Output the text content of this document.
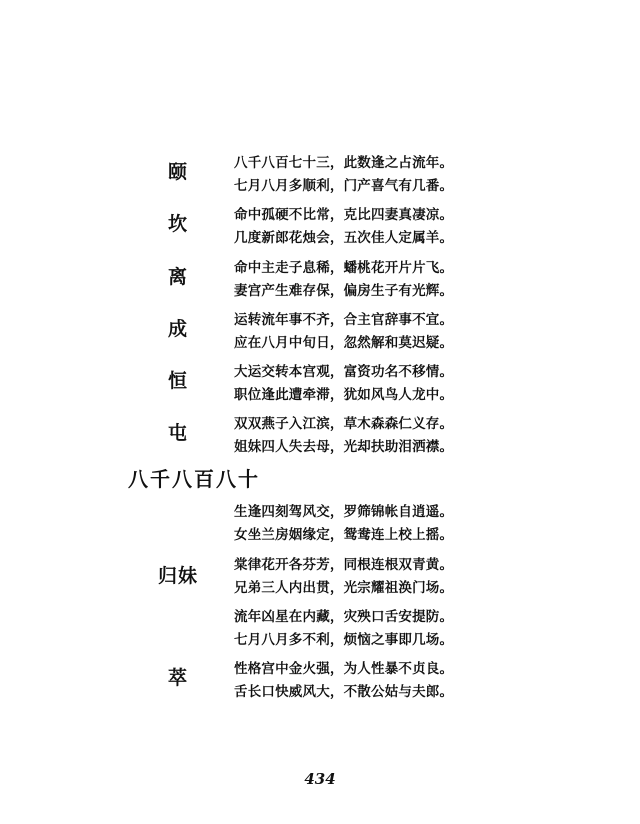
颐	八千八百七十三，此数逢之占流年。
七月八月多顺利，门产喜气有几番。
坎	命中孤硬不比常，克比四妻真凄凉。
几度新郎花烛会，五次佳人定属羊。
离	命中主走子息稀，蟠桃花开片片飞。
妻宫产生难存保，偏房生子有光辉。
成	运转流年事不齐，合主官辞事不宜。
应在八月中旬日，忽然解和莫迟疑。
恒	大运交转本宫观，富资功名不移情。
职位逢此遭牵滞，犹如风鸟人龙中。
屯	双双燕子入江滨，草木森森仁义存。
姐妹四人失去母，光却扶助泪洒襟。
八千八百八十
生逢四刻驾风交，罗筛锦帐自逍遥。
女坐兰房姻缘定，鸳鸯连上校上摇。
归妹	棠律花开各芬芳，同根连根双青黄。
兄弟三人内出贯，光宗耀祖涣门场。
流年凶星在内藏，灾殃口舌安提防。
七月八月多不利，烦恼之事即几场。
萃	性格宫中金火强，为人性暴不贞良。
舌长口快威风大，不散公姑与夫郎。
434
